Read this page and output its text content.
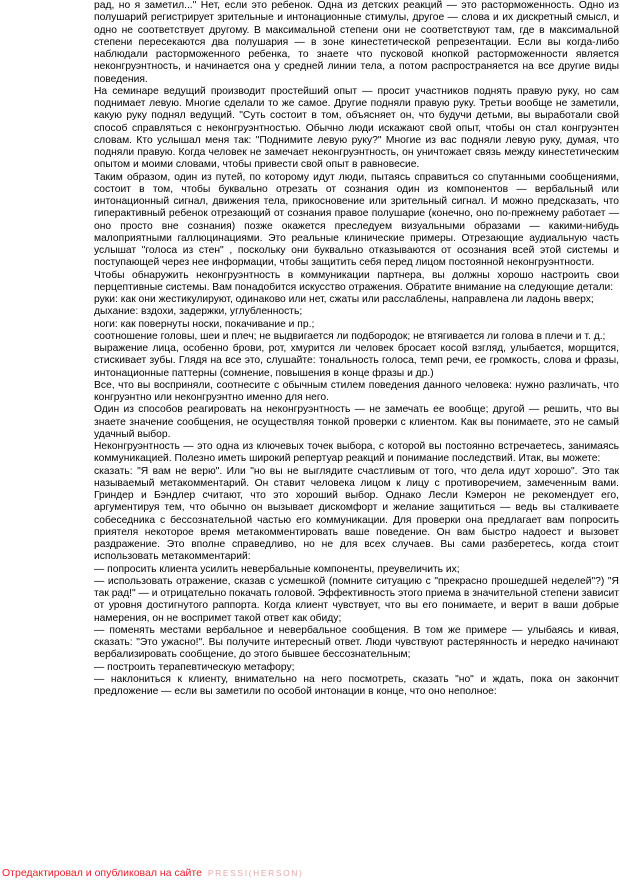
рад, но я заметил..." Нет, если это ребенок. Одна из детских реакций — это расторможенность. Одно из полушарий регистрирует зрительные и интонационные стимулы, другое — слова и их дискретный смысл, и одно не соответствует другому. В максимальной степени они не соответствуют там, где в максимальной степени пересекаются два полушария — в зоне кинестетической репрезентации. Если вы когда-либо наблюдали расторможенного ребенка, то знаете что пусковой кнопкой расторможенности является неконгруэнтность, и начинается она у средней линии тела, а потом распространяется на все другие виды поведения.

На семинаре ведущий производит простейший опыт — просит участников поднять правую руку, но сам поднимает левую. Многие сделали то же самое. Другие подняли правую руку. Третьи вообще не заметили, какую руку поднял ведущий. "Суть состоит в том, объясняет он, что будучи детьми, вы выработали свой способ справляться с неконгруэнтностью. Обычно люди искажают свой опыт, чтобы он стал конгруэнтен словам. Кто услышал меня так: "Поднимите левую руку?" Многие из вас подняли левую руку, думая, что подняли правую. Когда человек не замечает неконгруэнтность, он уничтожает связь между кинестетическим опытом и моими словами, чтобы привести свой опыт в равновесие.

Таким образом, один из путей, по которому идут люди, пытаясь справиться со спутанными сообщениями, состоит в том, чтобы буквально отрезать от сознания один из компонентов — вербальный или интонационный сигнал, движения тела, прикосновение или зрительный сигнал. И можно предсказать, что гиперактивный ребенок отрезающий от сознания правое полушарие (конечно, оно по-прежнему работает — оно просто вне сознания) позже окажется преследуем визуальными образами — какими-нибудь малоприятными галлюцинациями. Это реальные клинические примеры. Отрезающие аудиальную часть услышат "голоса из стен" , поскольку они буквально отказываются от осознания всей этой системы и поступающей через нее информации, чтобы защитить себя перед лицом постоянной неконгруэнтности.

Чтобы обнаружить неконгруэнтность в коммуникации партнера, вы должны хорошо настроить свои перцептивные системы. Вам понадобится искусство отражения. Обратите внимание на следующие детали:

руки: как они жестикулируют, одинаково или нет, сжаты или расслаблены, направлена ли ладонь вверх;

дыхание: вздохи, задержки, углубленность;

ноги: как повернуты носки, покачивание и пр.;

соотношение головы, шеи и плеч; не выдвигается ли подбородок; не втягивается ли голова в плечи и т. д.;

выражение лица, особенно брови, рот, хмурится ли человек бросает косой взгляд, улыбается, морщится, стискивает зубы. Глядя на все это, слушайте: тональность голоса, темп речи, ее громкость, слова и фразы, интонационные паттерны (сомнение, повышения в конце фразы и др.)

Все, что вы восприняли, соотнесите с обычным стилем поведения данного человека: нужно различать, что конгруэнтно или неконгруэнтно именно для него.

Один из способов реагировать на неконгруэнтность — не замечать ее вообще; другой — решить, что вы знаете значение сообщения, не осуществляя тонкой проверки с клиентом. Как вы понимаете, это не самый удачный выбор.

Неконгруэнтность — это одна из ключевых точек выбора, с которой вы постоянно встречаетесь, занимаясь коммуникацией. Полезно иметь широкий репертуар реакций и понимание последствий. Итак, вы можете:

сказать: "Я вам не верю". Или "но вы не выглядите счастливым от того, что дела идут хорошо". Это так называемый метакомментарий. Он ставит человека лицом к лицу с противоречием, замеченным вами. Гриндер и Бэндлер считают, что это хороший выбор. Однако Лесли Кэмерон не рекомендует его, аргументируя тем, что обычно он вызывает дискомфорт и желание защититься — ведь вы сталкиваете собеседника с бессознательной частью его коммуникации. Для проверки она предлагает вам попросить приятеля некоторое время метакомментировать ваше поведение. Он вам быстро надоест и вызовет раздражение. Это вполне справедливо, но не для всех случаев. Вы сами разберетесь, когда стоит использовать метакомментарий:

— попросить клиента усилить невербальные компоненты, преувеличить их;

— использовать отражение, сказав с усмешкой (помните ситуацию с "прекрасно прошедшей неделей"?) "Я так рад!" — и отрицательно покачать головой. Эффективность этого приема в значительной степени зависит от уровня достигнутого раппорта. Когда клиент чувствует, что вы его понимаете, и верит в ваши добрые намерения, он не воспримет такой ответ как обиду;

— поменять местами вербальное и невербальное сообщения. В том же примере — улыбаясь и кивая, сказать: "Это ужасно!". Вы получите интересный ответ. Люди чувствуют растерянность и нередко начинают вербализировать сообщение, до этого бывшее бессознательным;

— построить терапевтическую метафору;

— наклониться к клиенту, внимательно на него посмотреть, сказать "но" и ждать, пока он закончит предложение — если вы заметили по особой интонации в конце, что оно неполное:

Отредактировал и опубликовал на сайте PRESSI(HERSON)
